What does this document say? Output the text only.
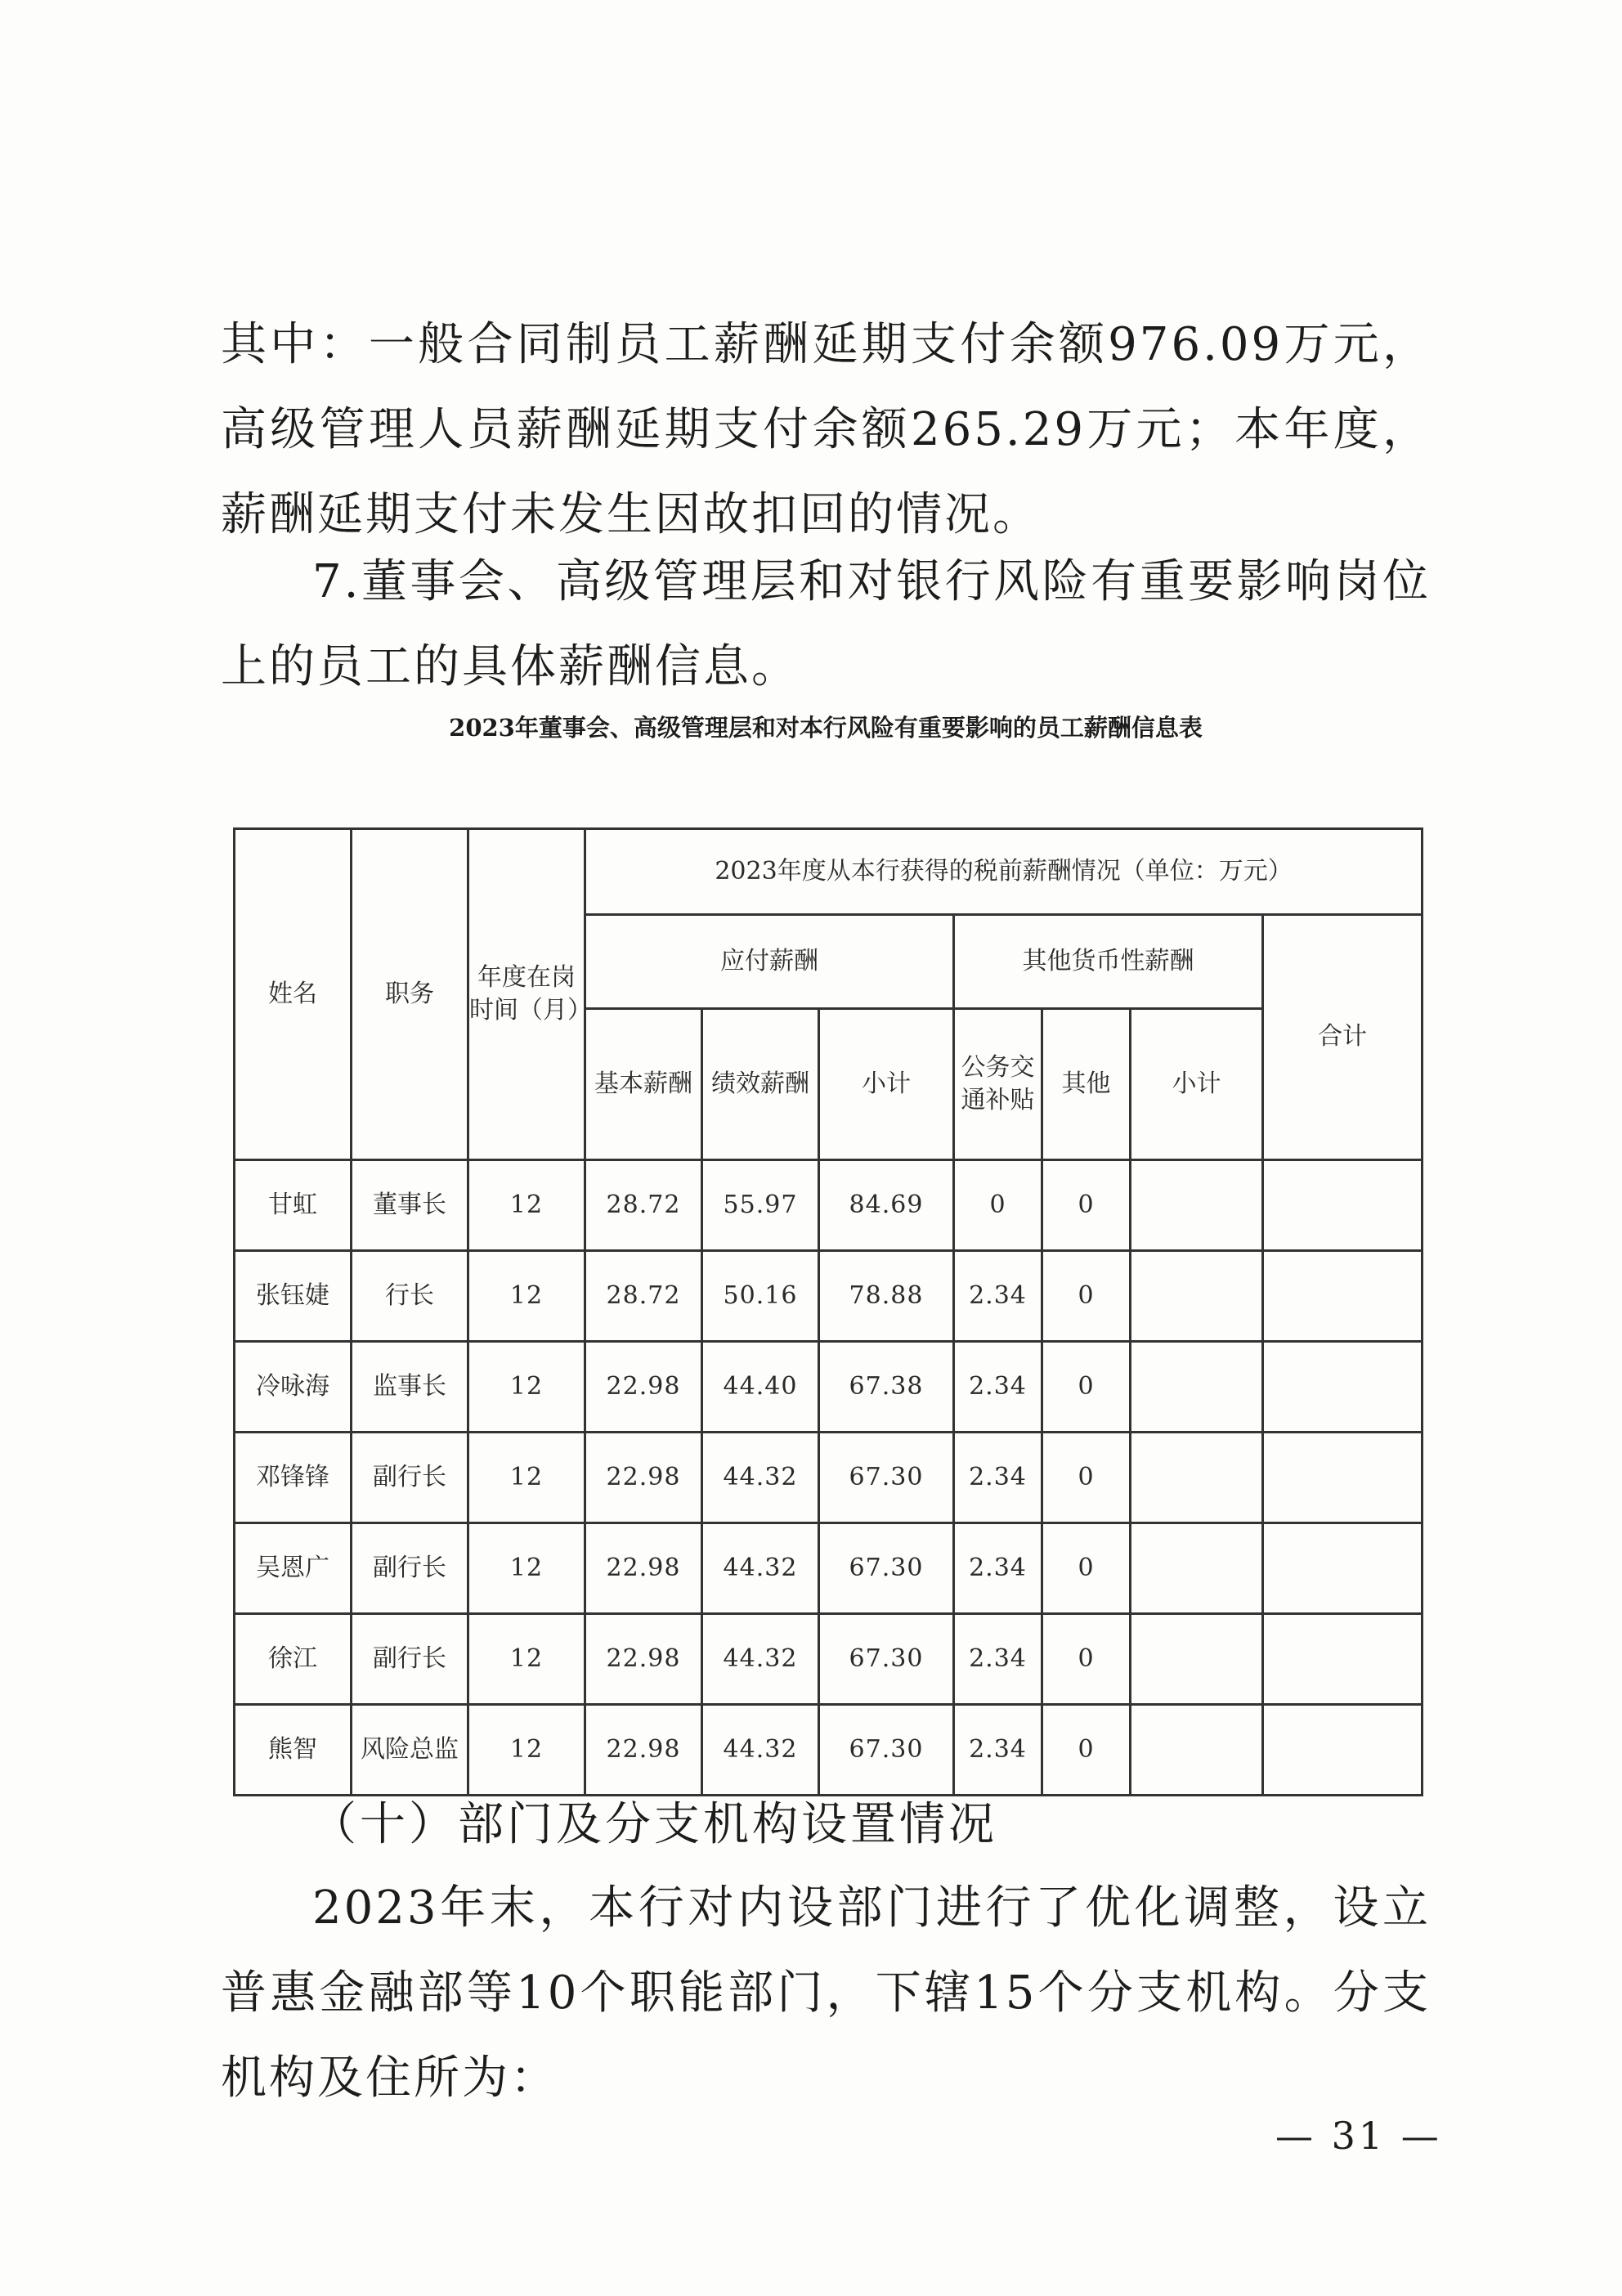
其中：一般合同制员工薪酬延期支付余额976.09万元，高级管理人员薪酬延期支付余额265.29万元；本年度，薪酬延期支付未发生因故扣回的情况。
7.董事会、高级管理层和对银行风险有重要影响岗位上的员工的具体薪酬信息。
2023年董事会、高级管理层和对本行风险有重要影响的员工薪酬信息表
姓名	职务	年度在岗时间（月）	2023年度从本行获得的税前薪酬情况（单位：万元）						
			应付薪酬			其他货币性薪酬			合计
			基本薪酬	绩效薪酬	小计	公务交通补贴	其他	小计	
甘虹	董事长	12	28.72	55.97	84.69	0	0		
张钰婕	行长	12	28.72	50.16	78.88	2.34	0		
冷咏海	监事长	12	22.98	44.40	67.38	2.34	0		
邓锋锋	副行长	12	22.98	44.32	67.30	2.34	0		
吴恩广	副行长	12	22.98	44.32	67.30	2.34	0		
徐江	副行长	12	22.98	44.32	67.30	2.34	0		
熊智	风险总监	12	22.98	44.32	67.30	2.34	0		
（十）部门及分支机构设置情况
2023年末，本行对内设部门进行了优化调整，设立普惠金融部等10个职能部门，下辖15个分支机构。分支机构及住所为：
— 31 —
